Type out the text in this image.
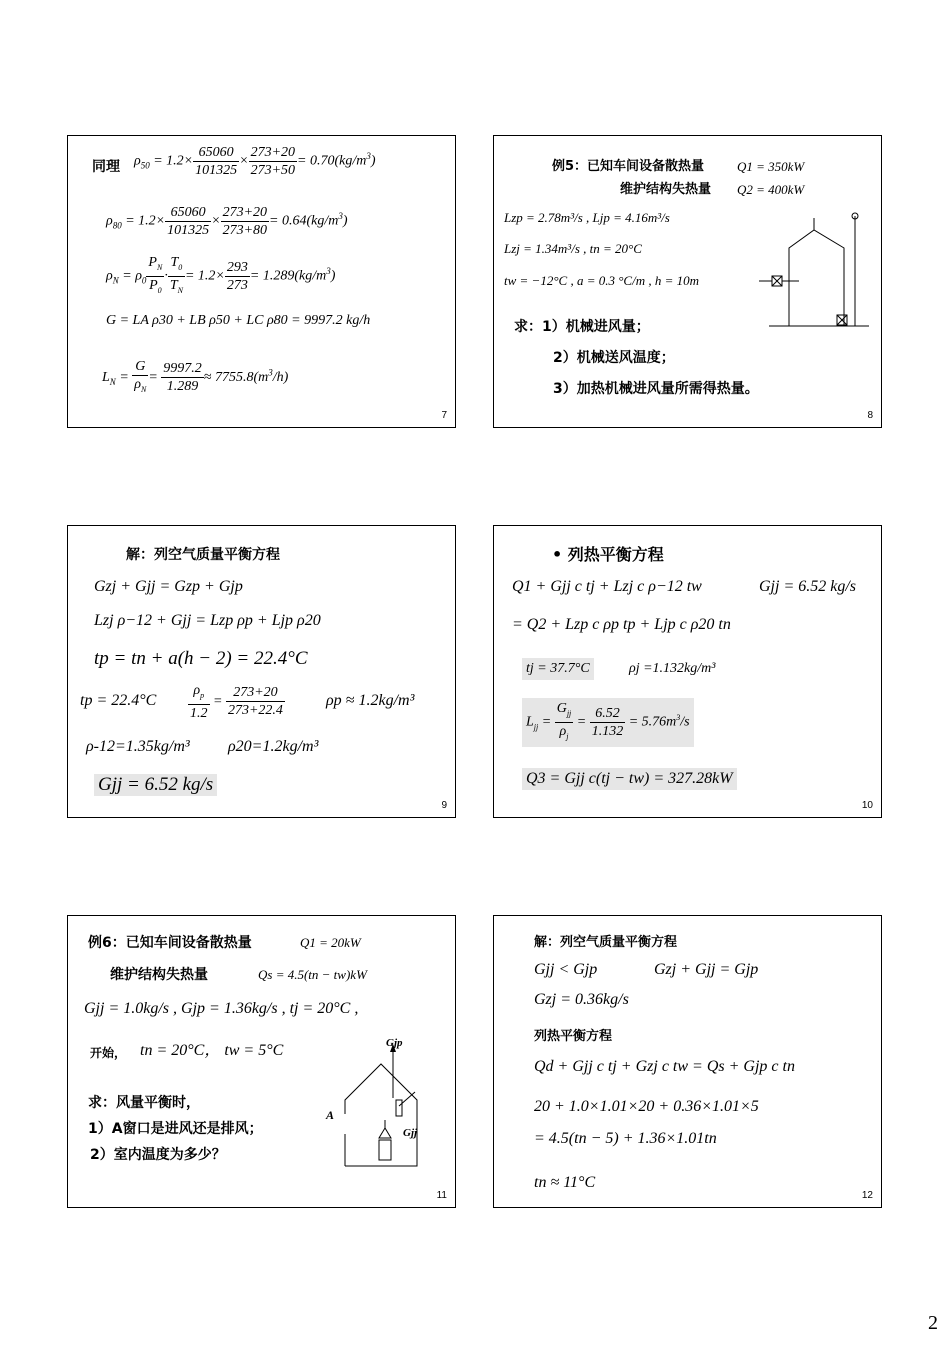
同理 $\rho_{50} = 1.2\times \frac{65060}{101325} \times \frac{273+20}{273+50} = 0.70(kg/m^3)$
$\rho_{80} = 1.2\times \frac{65060}{101325} \times \frac{273+20}{273+80} = 0.64(kg/m^3)$
$\rho_N = \rho_0 \frac{P_N}{P_0} \cdot \frac{T_0}{T_N} = 1.2\times \frac{293}{273} = 1.289(kg/m^3)$
G = LA ρ30 + LB ρ50 + LC ρ80 = 9997.2 kg/h
$L_N = \frac{G}{\rho_N} = \frac{9997.2}{1.289} \approx 7755.8(m^3/h)$
7
例5：已知车间设备散热量	Q1 = 350kW
维护结构失热量 Q2 = 400kW
Lzp = 2.78m³/s , Ljp = 4.16m³/s
Lzj = 1.34m³/s , tn = 20°C
tw = −12°C , a = 0.3 °C/m , h = 10m
求：1）机械进风量；
2）机械送风温度；
3）加热机械进风量所需得热量。
8
解：列空气质量平衡方程
Gzj + Gjj = Gzp + Gjp
Lzj ρ−12 + Gjj = Lzp ρp + Ljp ρ20
tp = tn + a(h − 2) = 22.4°C
tp = $22.4^\circ C \frac{\rho_p}{1.2} = \frac{273+20}{273+22.4}$	ρp ≈ 1.2kg/m³
ρ-12=1.35kg/m³ ρ20=1.2kg/m³
Gjj = 6.52 kg/s
9
• 列热平衡方程
Q1 + Gjj c tj + Lzj c ρ−12 tw	Gjj = 6.52 kg/s
= Q2 + Lzp c ρp tp + Ljp c ρ20 tn
tj = 37.7°C	ρj =1.132kg/m³
$L_{jj} = \frac{G_{jj}}{\rho_j} = \frac{6.52}{1.132} = 5.76m^3/s$
Q3 = Gjj c(tj − tw) = 327.28kW
10
例6：已知车间设备散热量	Q1 = 20kW
维护结构失热量	Qs = 4.5(tn − tw)kW
Gjj = 1.0kg/s , Gjp = 1.36kg/s , tj = 20°C ,
开始， tn = 20°C， tw = 5°C
求：风量平衡时，
1）A窗口是进风还是排风；
2）室内温度为多少？
A
Gjp
Gjj
11
解：列空气质量平衡方程
Gjj < Gjp	Gzj + Gjj = Gjp
Gzj = 0.36kg/s
列热平衡方程
Qd + Gjj c tj + Gzj c tw = Qs + Gjp c tn
20 + 1.0×1.01×20 + 0.36×1.01×5
= 4.5(tn − 5) + 1.36×1.01tn
tn ≈ 11°C
12
2
